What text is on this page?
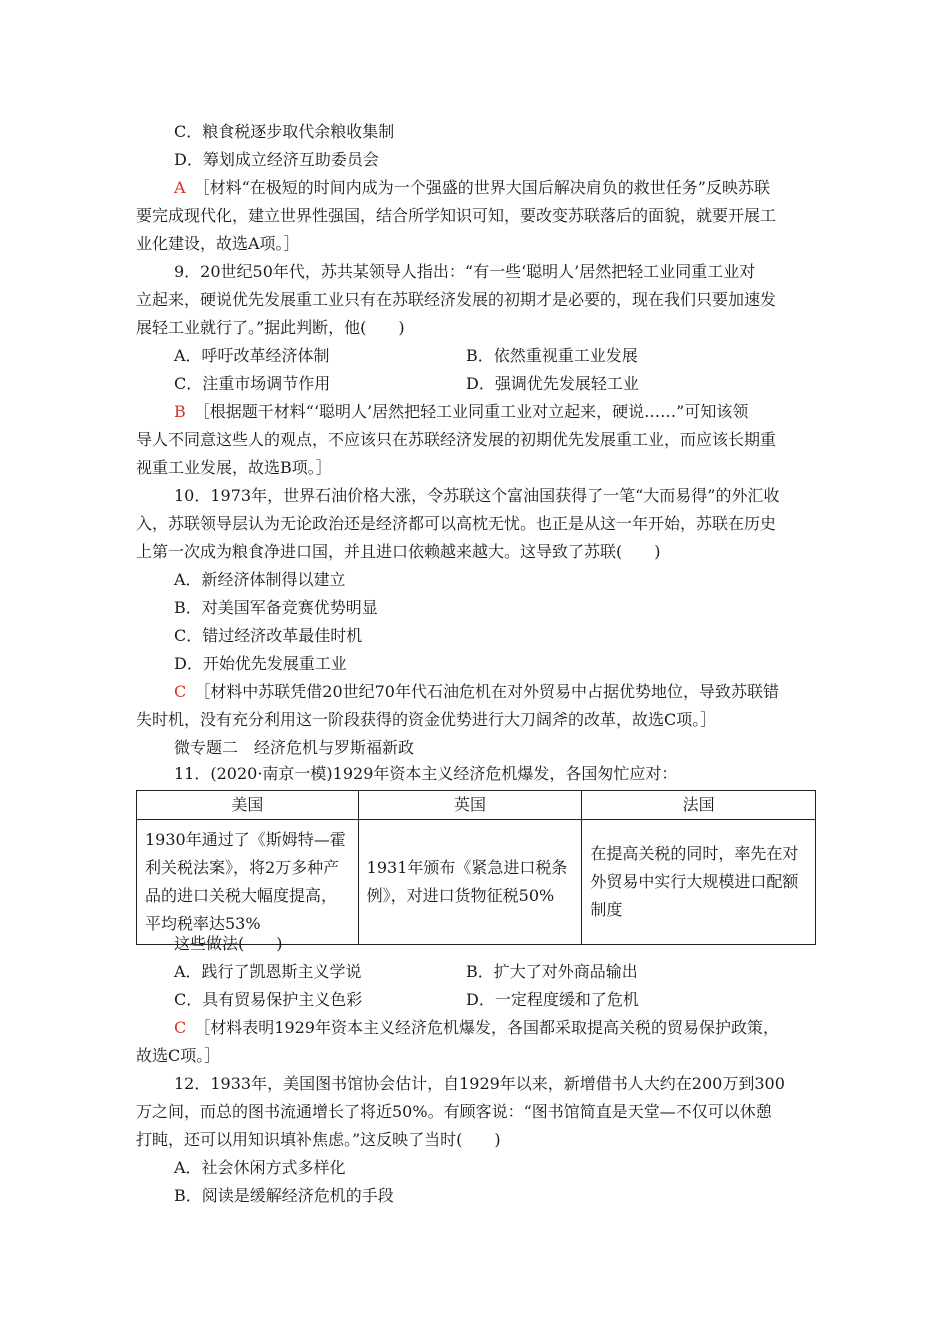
C．粮食税逐步取代余粮收集制
D．筹划成立经济互助委员会
A　 ［材料“在极短的时间内成为一个强盛的世界大国后解决肩负的救世任务”反映苏联
要完成现代化，建立世界性强国，结合所学知识可知，要改变苏联落后的面貌，就要开展工
业化建设，故选A项。］
9．20世纪50年代，苏共某领导人指出：“有一些‘聪明人’居然把轻工业同重工业对
立起来，硬说优先发展重工业只有在苏联经济发展的初期才是必要的，现在我们只要加速发
展轻工业就行了。”据此判断，他(　　)
A．呼吁改革经济体制	B．依然重视重工业发展
C．注重市场调节作用	D．强调优先发展轻工业
B　 ［根据题干材料“‘聪明人’居然把轻工业同重工业对立起来，硬说……”可知该领
导人不同意这些人的观点，不应该只在苏联经济发展的初期优先发展重工业，而应该长期重
视重工业发展，故选B项。］
10．1973年，世界石油价格大涨，令苏联这个富油国获得了一笔“大而易得”的外汇收
入，苏联领导层认为无论政治还是经济都可以高枕无忧。也正是从这一年开始，苏联在历史
上第一次成为粮食净进口国，并且进口依赖越来越大。这导致了苏联(　　)
A．新经济体制得以建立
B．对美国军备竞赛优势明显
C．错过经济改革最佳时机
D．开始优先发展重工业
C　 ［材料中苏联凭借20世纪70年代石油危机在对外贸易中占据优势地位，导致苏联错
失时机，没有充分利用这一阶段获得的资金优势进行大刀阔斧的改革，故选C项。］
微专题二　经济危机与罗斯福新政
11．(2020·南京一模)1929年资本主义经济危机爆发，各国匆忙应对：
美国	英国	法国
1930年通过了《斯姆特—霍利关税法案》，将2万多种产品的进口关税大幅度提高，平均税率达53%	1931年颁布《紧急进口税条例》，对进口货物征税50%	在提高关税的同时，率先在对外贸易中实行大规模进口配额制度
这些做法(　　)
A．践行了凯恩斯主义学说	B．扩大了对外商品输出
C．具有贸易保护主义色彩	D．一定程度缓和了危机
C　 ［材料表明1929年资本主义经济危机爆发，各国都采取提高关税的贸易保护政策，
故选C项。］
12．1933年，美国图书馆协会估计，自1929年以来，新增借书人大约在200万到300
万之间，而总的图书流通增长了将近50%。有顾客说：“图书馆简直是天堂—不仅可以休憩
打盹，还可以用知识填补焦虑。”这反映了当时(　　)
A．社会休闲方式多样化
B．阅读是缓解经济危机的手段
